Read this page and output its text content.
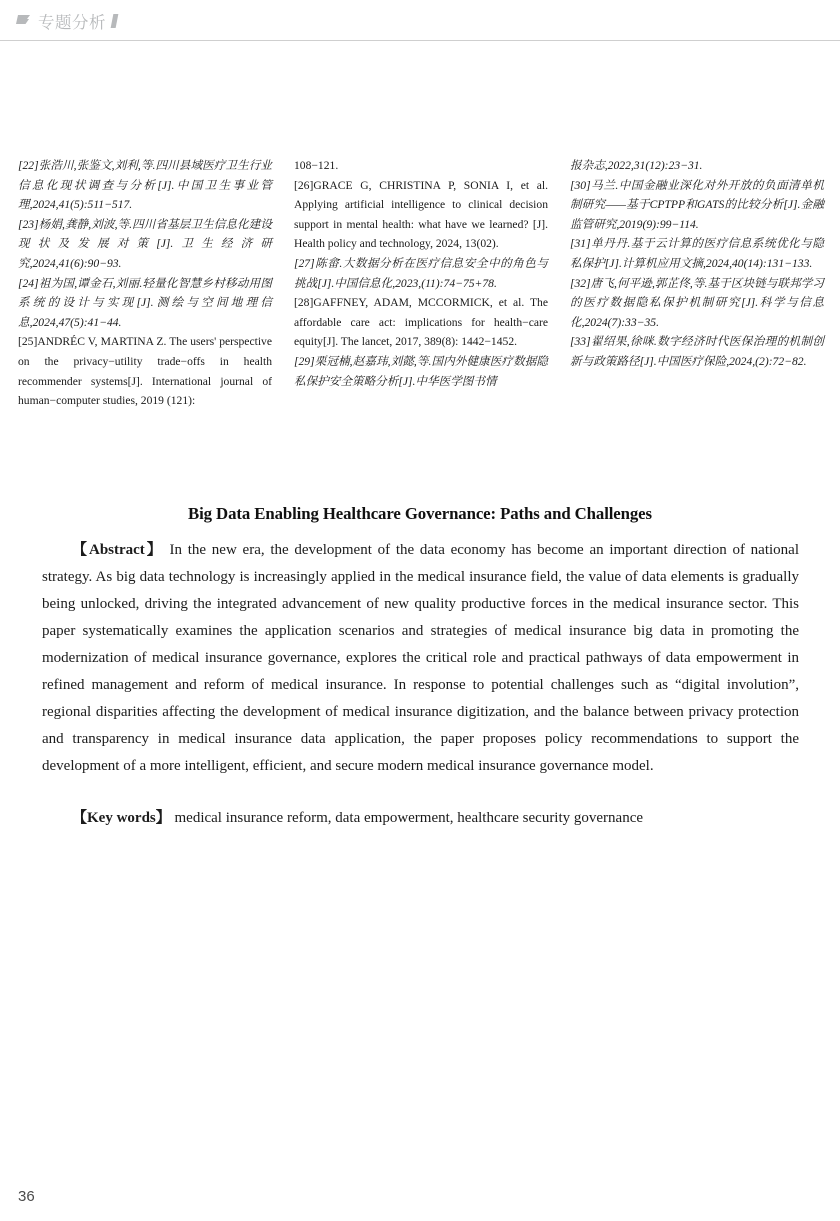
专题分析

[22]张浩川,张鉴文,刘利,等.四川县域医疗卫生行业信息化现状调查与分析[J].中国卫生事业管理,2024,41(5):511−517.

[23]杨娟,龚静,刘波,等.四川省基层卫生信息化建设现状及发展对策[J].卫生经济研究,2024,41(6):90−93.

[24]祖为国,谭金石,刘丽.轻量化智慧乡村移动用图系统的设计与实现[J].测绘与空间地理信息,2024,47(5):41−44.

[25]ANDRÉC V, MARTINA Z. The users' perspective on the privacy−utility trade−offs in health recommender systems[J]. International journal of human−computer studies, 2019 (121):

108−121.

[26]GRACE G, CHRISTINA P, SONIA I, et al. Applying artificial intelligence to clinical decision support in mental health: what have we learned? [J]. Health policy and technology, 2024, 13(02).

[27]陈畲.大数据分析在医疗信息安全中的角色与挑战[J].中国信息化,2023,(11):74−75+78.

[28]GAFFNEY, ADAM, MCCORMICK, et al. The affordable care act: implications for health−care equity[J]. The lancet, 2017, 389(8): 1442−1452.

[29]栗冠楠,赵嘉玮,刘懿,等.国内外健康医疗数据隐私保护安全策略分析[J].中华医学图书情

报杂志,2022,31(12):23−31.

[30]马兰.中国金融业深化对外开放的负面清单机制研究——基于CPTPP和GATS的比较分析[J].金融监管研究,2019(9):99−114.

[31]单丹丹.基于云计算的医疗信息系统优化与隐私保护[J].计算机应用文摘,2024,40(14):131−133.

[32]唐飞,何平逊,郭芷佟,等.基于区块链与联邦学习的医疗数据隐私保护机制研究[J].科学与信息化,2024(7):33−35.

[33]翟绍果,徐咪.数字经济时代医保治理的机制创新与政策路径[J].中国医疗保险,2024,(2):72−82.

Big Data Enabling Healthcare Governance: Paths and Challenges
【Abstract】 In the new era, the development of the data economy has become an important direction of national strategy. As big data technology is increasingly applied in the medical insurance field, the value of data elements is gradually being unlocked, driving the integrated advancement of new quality productive forces in the medical insurance sector. This paper systematically examines the application scenarios and strategies of medical insurance big data in promoting the modernization of medical insurance governance, explores the critical role and practical pathways of data empowerment in refined management and reform of medical insurance. In response to potential challenges such as “digital involution”, regional disparities affecting the development of medical insurance digitization, and the balance between privacy protection and transparency in medical insurance data application, the paper proposes policy recommendations to support the development of a more intelligent, efficient, and secure modern medical insurance governance model.
【Key words】 medical insurance reform, data empowerment, healthcare security governance
36
